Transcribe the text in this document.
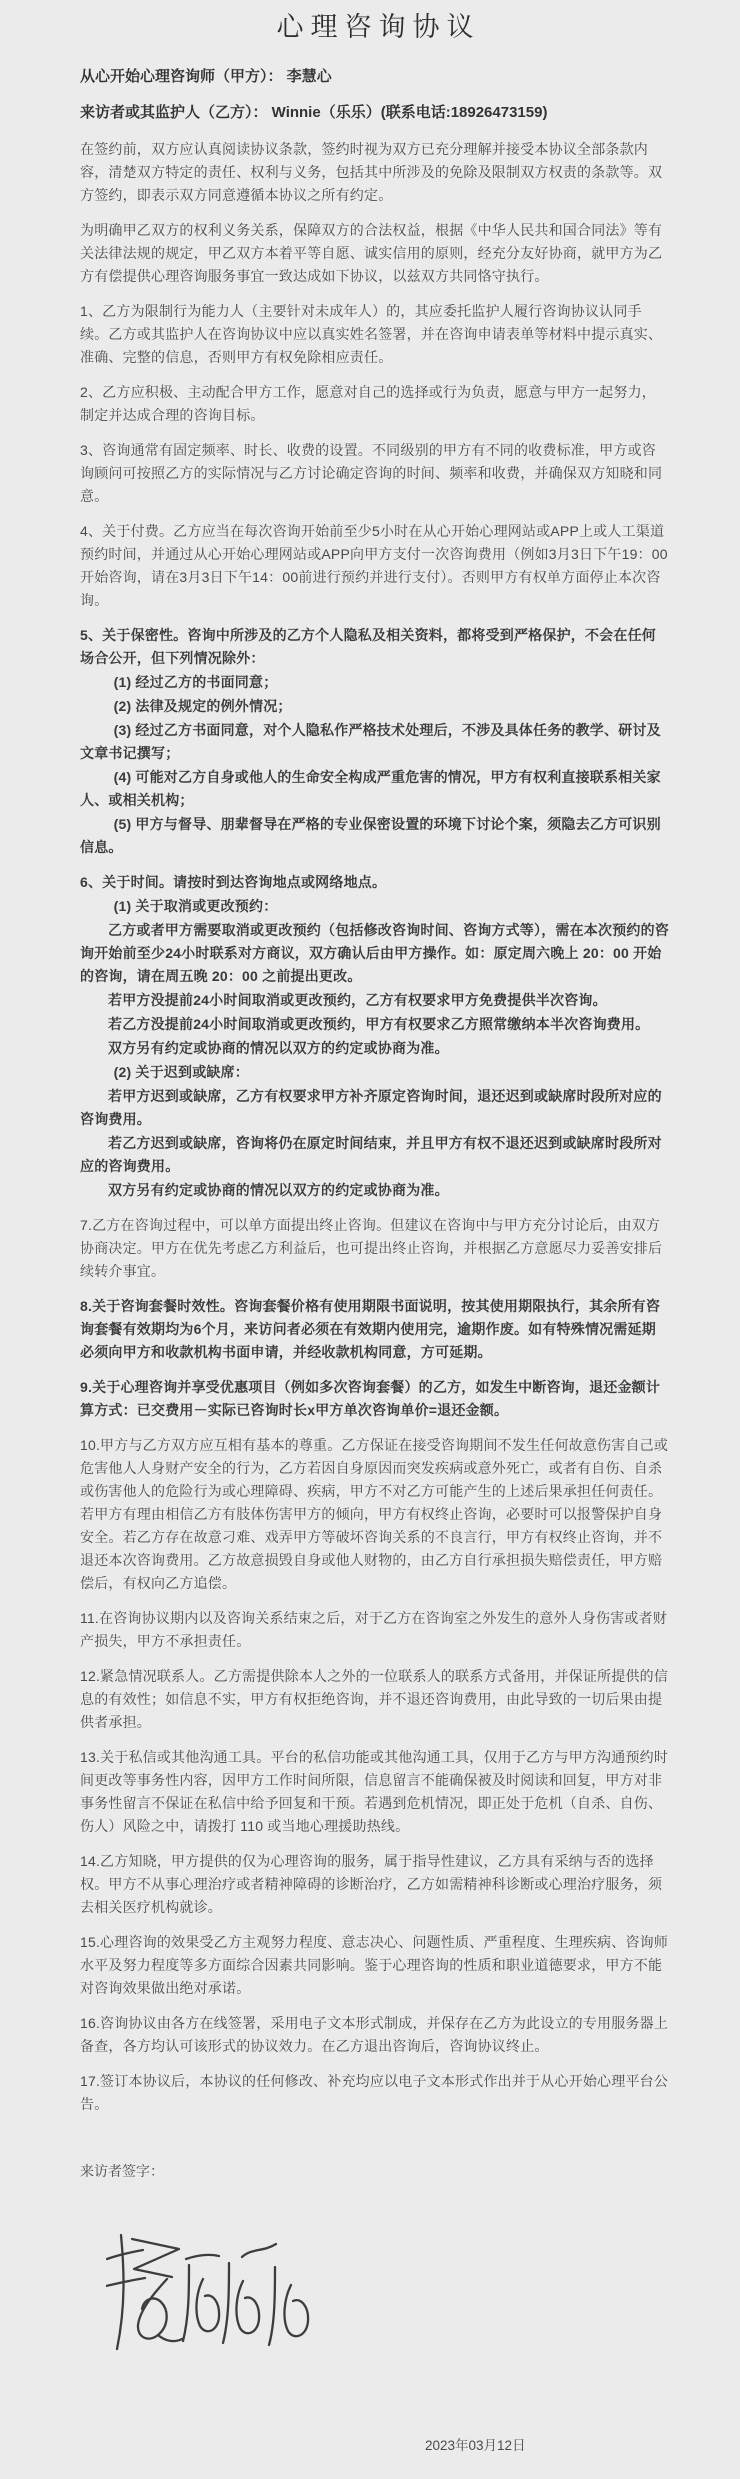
心理咨询协议
从心开始心理咨询师（甲方）： 李慧心
来访者或其监护人（乙方）： Winnie（乐乐）(联系电话:18926473159)
在签约前，双方应认真阅读协议条款，签约时视为双方已充分理解并接受本协议全部条款内容，清楚双方特定的责任、权利与义务，包括其中所涉及的免除及限制双方权责的条款等。双方签约，即表示双方同意遵循本协议之所有约定。
为明确甲乙双方的权利义务关系，保障双方的合法权益，根据《中华人民共和国合同法》等有关法律法规的规定，甲乙双方本着平等自愿、诚实信用的原则，经充分友好协商，就甲方为乙方有偿提供心理咨询服务事宜一致达成如下协议，以兹双方共同恪守执行。
1、乙方为限制行为能力人（主要针对未成年人）的，其应委托监护人履行咨询协议认同手续。乙方或其监护人在咨询协议中应以真实姓名签署，并在咨询申请表单等材料中提示真实、准确、完整的信息，否则甲方有权免除相应责任。
2、乙方应积极、主动配合甲方工作，愿意对自己的选择或行为负责，愿意与甲方一起努力，制定并达成合理的咨询目标。
3、咨询通常有固定频率、时长、收费的设置。不同级别的甲方有不同的收费标准，甲方或咨询顾问可按照乙方的实际情况与乙方讨论确定咨询的时间、频率和收费，并确保双方知晓和同意。
4、关于付费。乙方应当在每次咨询开始前至少5小时在从心开始心理网站或APP上或人工渠道预约时间，并通过从心开始心理网站或APP向甲方支付一次咨询费用（例如3月3日下午19：00开始咨询，请在3月3日下午14：00前进行预约并进行支付）。否则甲方有权单方面停止本次咨询。
5、关于保密性。咨询中所涉及的乙方个人隐私及相关资料，都将受到严格保护，不会在任何场合公开，但下列情况除外：
(1) 经过乙方的书面同意；
(2) 法律及规定的例外情况；
(3) 经过乙方书面同意，对个人隐私作严格技术处理后，不涉及具体任务的教学、研讨及文章书记撰写；
(4) 可能对乙方自身或他人的生命安全构成严重危害的情况，甲方有权利直接联系相关家人、或相关机构；
(5) 甲方与督导、朋辈督导在严格的专业保密设置的环境下讨论个案，须隐去乙方可识别信息。
6、关于时间。请按时到达咨询地点或网络地点。
(1) 关于取消或更改预约：
乙方或者甲方需要取消或更改预约（包括修改咨询时间、咨询方式等），需在本次预约的咨询开始前至少24小时联系对方商议，双方确认后由甲方操作。如：原定周六晚上 20：00 开始的咨询，请在周五晚 20：00 之前提出更改。
若甲方没提前24小时间取消或更改预约，乙方有权要求甲方免费提供半次咨询。
若乙方没提前24小时间取消或更改预约，甲方有权要求乙方照常缴纳本半次咨询费用。
双方另有约定或协商的情况以双方的约定或协商为准。
(2) 关于迟到或缺席：
若甲方迟到或缺席，乙方有权要求甲方补齐原定咨询时间，退还迟到或缺席时段所对应的咨询费用。
若乙方迟到或缺席，咨询将仍在原定时间结束，并且甲方有权不退还迟到或缺席时段所对应的咨询费用。
双方另有约定或协商的情况以双方的约定或协商为准。
7.乙方在咨询过程中，可以单方面提出终止咨询。但建议在咨询中与甲方充分讨论后，由双方协商决定。甲方在优先考虑乙方利益后，也可提出终止咨询，并根据乙方意愿尽力妥善安排后续转介事宜。
8.关于咨询套餐时效性。咨询套餐价格有使用期限书面说明，按其使用期限执行，其余所有咨询套餐有效期均为6个月，来访问者必须在有效期内使用完，逾期作废。如有特殊情况需延期必须向甲方和收款机构书面申请，并经收款机构同意，方可延期。
9.关于心理咨询并享受优惠项目（例如多次咨询套餐）的乙方，如发生中断咨询，退还金额计算方式：已交费用－实际已咨询时长x甲方单次咨询单价=退还金额。
10.甲方与乙方双方应互相有基本的尊重。乙方保证在接受咨询期间不发生任何故意伤害自己或危害他人人身财产安全的行为，乙方若因自身原因而突发疾病或意外死亡，或者有自伤、自杀或伤害他人的危险行为或心理障碍、疾病，甲方不对乙方可能产生的上述后果承担任何责任。若甲方有理由相信乙方有肢体伤害甲方的倾向，甲方有权终止咨询，必要时可以报警保护自身安全。若乙方存在故意刁难、戏弄甲方等破坏咨询关系的不良言行，甲方有权终止咨询，并不退还本次咨询费用。乙方故意损毁自身或他人财物的，由乙方自行承担损失赔偿责任，甲方赔偿后，有权向乙方追偿。
11.在咨询协议期内以及咨询关系结束之后，对于乙方在咨询室之外发生的意外人身伤害或者财产损失，甲方不承担责任。
12.紧急情况联系人。乙方需提供除本人之外的一位联系人的联系方式备用，并保证所提供的信息的有效性；如信息不实，甲方有权拒绝咨询，并不退还咨询费用，由此导致的一切后果由提供者承担。
13.关于私信或其他沟通工具。平台的私信功能或其他沟通工具，仅用于乙方与甲方沟通预约时间更改等事务性内容，因甲方工作时间所限，信息留言不能确保被及时阅读和回复，甲方对非事务性留言不保证在私信中给予回复和干预。若遇到危机情况，即正处于危机（自杀、自伤、伤人）风险之中，请拨打 110 或当地心理援助热线。
14.乙方知晓，甲方提供的仅为心理咨询的服务，属于指导性建议，乙方具有采纳与否的选择权。甲方不从事心理治疗或者精神障碍的诊断治疗，乙方如需精神科诊断或心理治疗服务，须去相关医疗机构就诊。
15.心理咨询的效果受乙方主观努力程度、意志决心、问题性质、严重程度、生理疾病、咨询师水平及努力程度等多方面综合因素共同影响。鉴于心理咨询的性质和职业道德要求，甲方不能对咨询效果做出绝对承诺。
16.咨询协议由各方在线签署，采用电子文本形式制成，并保存在乙方为此设立的专用服务器上备查，各方均认可该形式的协议效力。在乙方退出咨询后，咨询协议终止。
17.签订本协议后，本协议的任何修改、补充均应以电子文本形式作出并于从心开始心理平台公告。
来访者签字：
2023年03月12日
